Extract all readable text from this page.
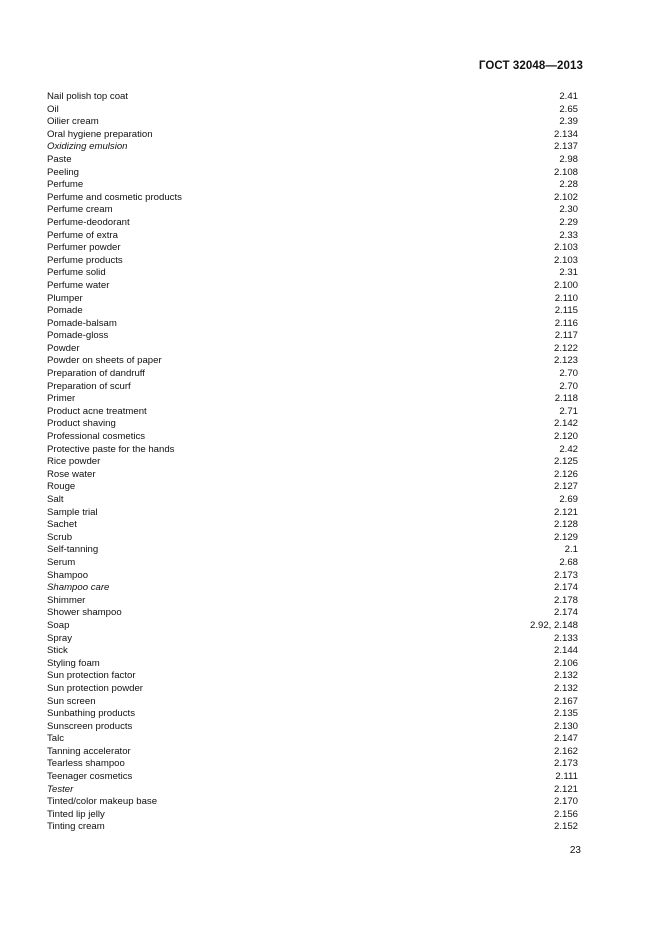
ГОСТ 32048—2013
Nail polish top coat	2.41
Oil	2.65
Oilier cream	2.39
Oral hygiene preparation	2.134
Oxidizing emulsion	2.137
Paste	2.98
Peeling	2.108
Perfume	2.28
Perfume and cosmetic products	2.102
Perfume cream	2.30
Perfume-deodorant	2.29
Perfume of extra	2.33
Perfumer powder	2.103
Perfume products	2.103
Perfume solid	2.31
Perfume water	2.100
Plumper	2.110
Pomade	2.115
Pomade-balsam	2.116
Pomade-gloss	2.117
Powder	2.122
Powder on sheets of paper	2.123
Preparation of dandruff	2.70
Preparation of scurf	2.70
Primer	2.118
Product acne treatment	2.71
Product shaving	2.142
Professional cosmetics	2.120
Protective paste for the hands	2.42
Rice powder	2.125
Rose water	2.126
Rouge	2.127
Salt	2.69
Sample trial	2.121
Sachet	2.128
Scrub	2.129
Self-tanning	2.1
Serum	2.68
Shampoo	2.173
Shampoo care	2.174
Shimmer	2.178
Shower shampoo	2.174
Soap	2.92, 2.148
Spray	2.133
Stick	2.144
Styling foam	2.106
Sun protection factor	2.132
Sun protection powder	2.132
Sun screen	2.167
Sunbathing products	2.135
Sunscreen products	2.130
Talc	2.147
Tanning accelerator	2.162
Tearless shampoo	2.173
Teenager cosmetics	2.111
Tester	2.121
Tinted/color makeup base	2.170
Tinted lip jelly	2.156
Tinting cream	2.152
23
